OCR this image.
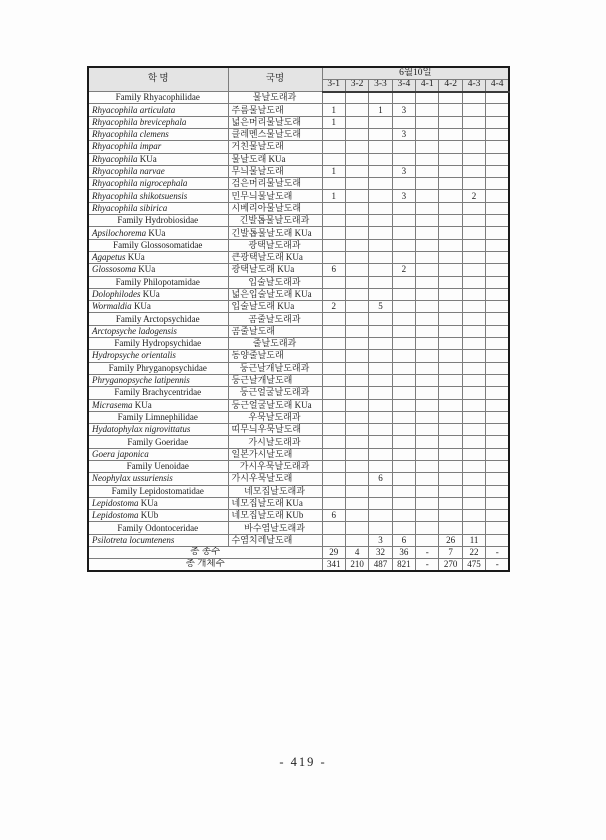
학 명	국명	6월10일							
		3-1	3-2	3-3	3-4	4-1	4-2	4-3	4-4
Family Rhyacophilidae	물날도래과								
Rhyacophila articulata	주름물날도래	1		1	3				
Rhyacophila brevicephala	넓은머리물날도래	1							
Rhyacophila clemens	클레멘스물날도래				3				
Rhyacophila impar	거친물날도래								
Rhyacophila KUa	물날도래 KUa								
Rhyacophila narvae	무늬물날도래	1			3				
Rhyacophila nigrocephala	검은머리물날도래								
Rhyacophila shikotsuensis	민무늬물날도래	1			3			2	
Rhyacophila sibirica	시베리아물날도래								
Family Hydrobiosidae	긴발톱물날도래과								
Apsilochorema KUa	긴발톱물날도래 KUa								
Family Glossosomatidae	광택날도래과								
Agapetus KUa	큰광택날도래 KUa								
Glossosoma KUa	광택날도래 KUa	6			2				
Family Philopotamidae	입술날도래과								
Dolophilodes KUa	넓은입술날도래 KUa								
Wormaldia KUa	입술날도래 KUa	2		5					
Family Arctopsychidae	곰줄날도래과								
Arctopsyche ladogensis	곰줄날도래								
Family Hydropsychidae	줄날도래과								
Hydropsyche orientalis	동양줄날도래								
Family Phryganopsychidae	둥근날개날도래과								
Phryganopsyche latipennis	둥근날개날도래								
Family Brachycentridae	둥근얼굴날도래과								
Micrasema KUa	둥근얼굴날도래 KUa								
Family Limnephilidae	우묵날도래과								
Hydatophylax nigrovittatus	띠무늬우묵날도래								
Family Goeridae	가시날도래과								
Goera japonica	일본가시날도래								
Family Uenoidae	가시우묵날도래과								
Neophylax ussuriensis	가시우묵날도래			6					
Family Lepidostomatidae	네모집날도래과								
Lepidostoma KUa	네모집날도래 KUa								
Lepidostoma KUb	네모집날도래 KUb	6							
Family Odontoceridae	바수염날도래과								
Psilotreta locumtenens	수염치레날도래			3	6		26	11	
총 종수		29	4	32	36	-	7	22	-
총 개체수		341	210	487	821	-	270	475	-
- 419 -
